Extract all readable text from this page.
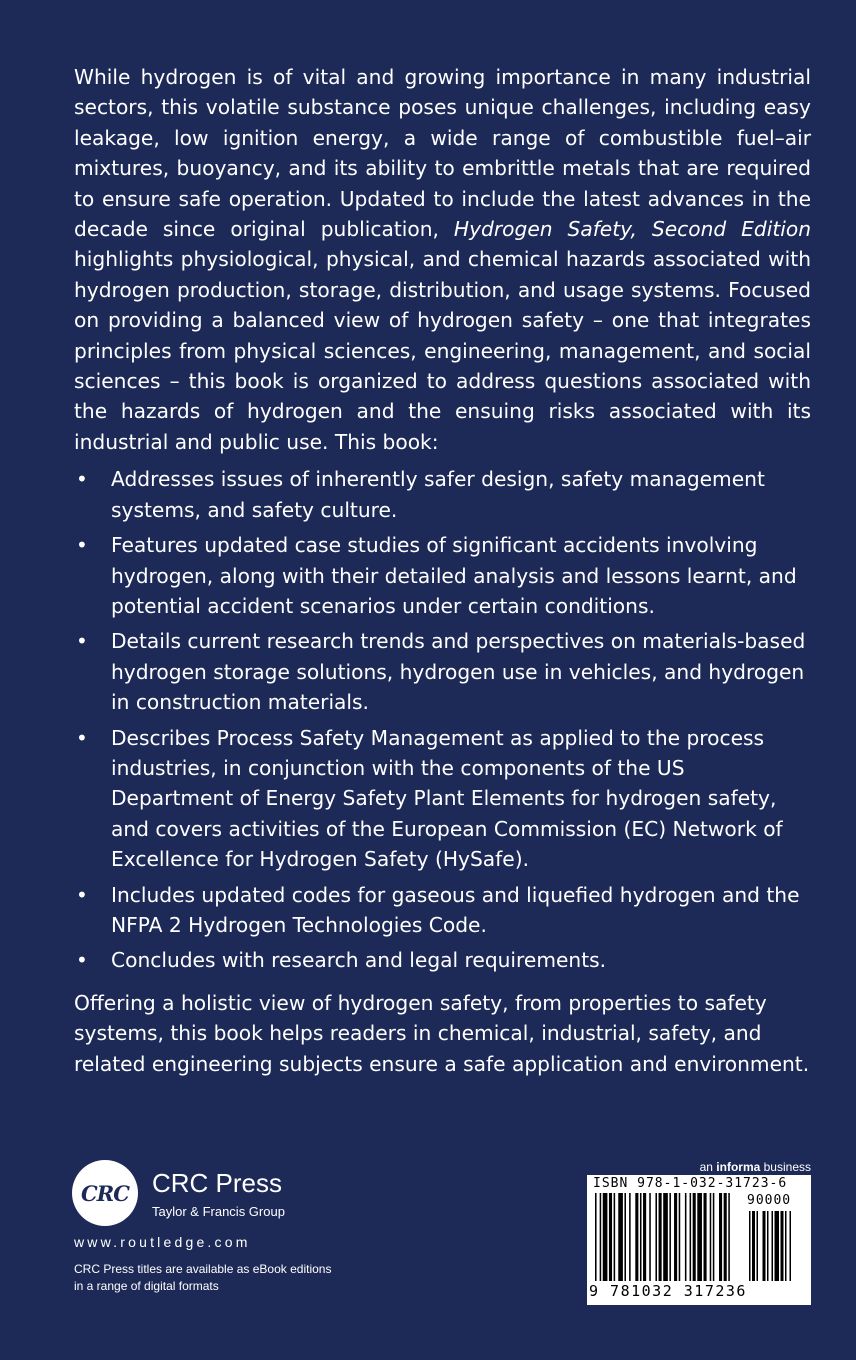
While hydrogen is of vital and growing importance in many industrial sectors, this volatile substance poses unique challenges, including easy leakage, low ignition energy, a wide range of combustible fuel–air mixtures, buoyancy, and its ability to embrittle metals that are required to ensure safe operation. Updated to include the latest advances in the decade since original publication, Hydrogen Safety, Second Edition highlights physiological, physical, and chemical hazards associated with hydrogen production, storage, distribution, and usage systems. Focused on providing a balanced view of hydrogen safety – one that integrates principles from physical sciences, engineering, management, and social sciences – this book is organized to address questions associated with the hazards of hydrogen and the ensuing risks associated with its industrial and public use. This book:

• Addresses issues of inherently safer design, safety management systems, and safety culture.
• Features updated case studies of significant accidents involving hydrogen, along with their detailed analysis and lessons learnt, and potential accident scenarios under certain conditions.
• Details current research trends and perspectives on materials-based hydrogen storage solutions, hydrogen use in vehicles, and hydrogen in construction materials.
• Describes Process Safety Management as applied to the process industries, in conjunction with the components of the US Department of Energy Safety Plant Elements for hydrogen safety, and covers activities of the European Commission (EC) Network of Excellence for Hydrogen Safety (HySafe).
• Includes updated codes for gaseous and liquefied hydrogen and the NFPA 2 Hydrogen Technologies Code.
• Concludes with research and legal requirements.

Offering a holistic view of hydrogen safety, from properties to safety systems, this book helps readers in chemical, industrial, safety, and related engineering subjects ensure a safe application and environment.

CRC CRC Press
Taylor & Francis Group
www.routledge.com
CRC Press titles are available as eBook editions
in a range of digital formats
an informa business
ISBN 978-1-032-31723-6
90000
9 781032 317236
